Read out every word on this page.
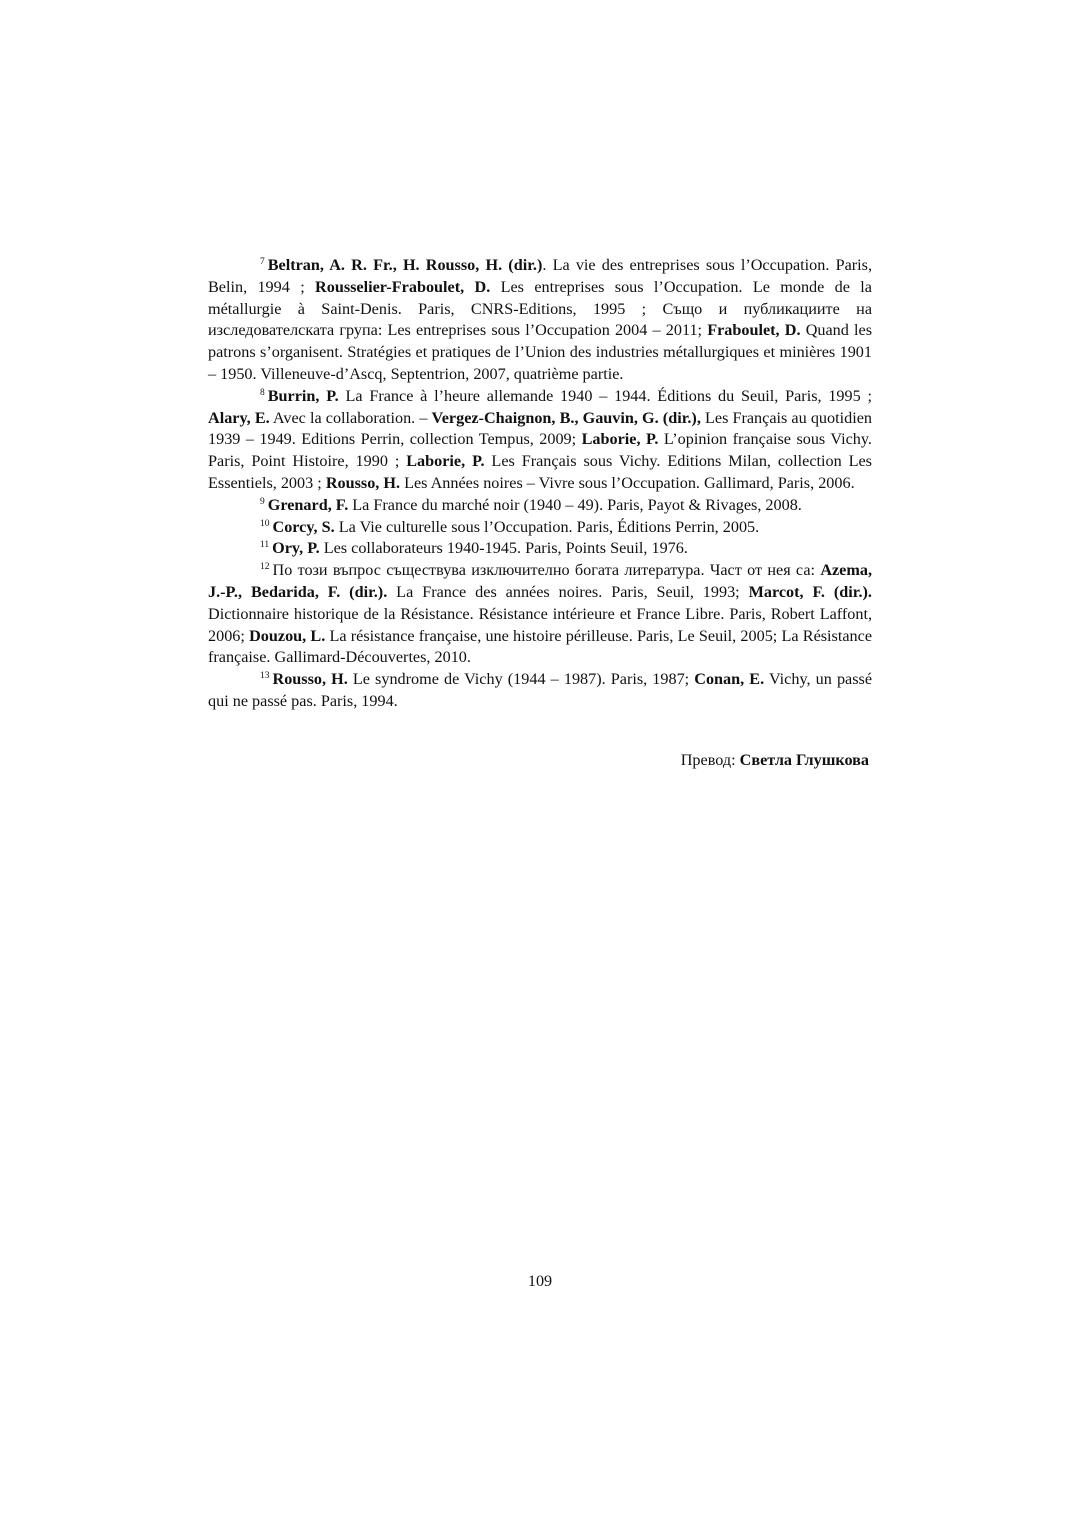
$^7$ Beltran, A. R. Fr., H. Rousso, H. (dir.). La vie des entreprises sous l’Occupation. Paris, Belin, 1994 ; Rousselier-Fraboulet, D. Les entreprises sous l’Occupation. Le monde de la métallurgie à Saint-Denis. Paris, CNRS-Editions, 1995 ; Също и публикациите на изследователската група: Les entreprises sous l’Occupation 2004 – 2011; Fraboulet, D. Quand les patrons s’organisent. Stratégies et pratiques de l’Union des industries métallurgiques et minières 1901 – 1950. Villeneuve-d’Ascq, Septentrion, 2007, quatrième partie.

$^8$ Burrin, P. La France à l’heure allemande 1940 – 1944. Éditions du Seuil, Paris, 1995 ; Alary, E. Avec la collaboration. – Vergez-Chaignon, B., Gauvin, G. (dir.), Les Français au quotidien 1939 – 1949. Editions Perrin, collection Tempus, 2009; Laborie, P. L’opinion française sous Vichy. Paris, Point Histoire, 1990 ; Laborie, P. Les Français sous Vichy. Editions Milan, collection Les Essentiels, 2003 ; Rousso, H. Les Années noires – Vivre sous l’Occupation. Gallimard, Paris, 2006.

$^9$ Grenard, F. La France du marché noir (1940 – 49). Paris, Payot & Rivages, 2008.

$^{10}$ Corcy, S. La Vie culturelle sous l’Occupation. Paris, Éditions Perrin, 2005.

$^{11}$ Ory, P. Les collaborateurs 1940-1945. Paris, Points Seuil, 1976.

$^{12}$ По този въпрос съществува изключително богата литература. Част от нея са: Azema, J.-P., Bedarida, F. (dir.). La France des années noires. Paris, Seuil, 1993; Marcot, F. (dir.). Dictionnaire historique de la Résistance. Résistance intérieure et France Libre. Paris, Robert Laffont, 2006; Douzou, L. La résistance française, une histoire périlleuse. Paris, Le Seuil, 2005; La Résistance française. Gallimard-Découvertes, 2010.

$^{13}$ Rousso, H. Le syndrome de Vichy (1944 – 1987). Paris, 1987; Conan, E. Vichy, un passé qui ne passé pas. Paris, 1994.

Превод: Светла Глушкова
109
